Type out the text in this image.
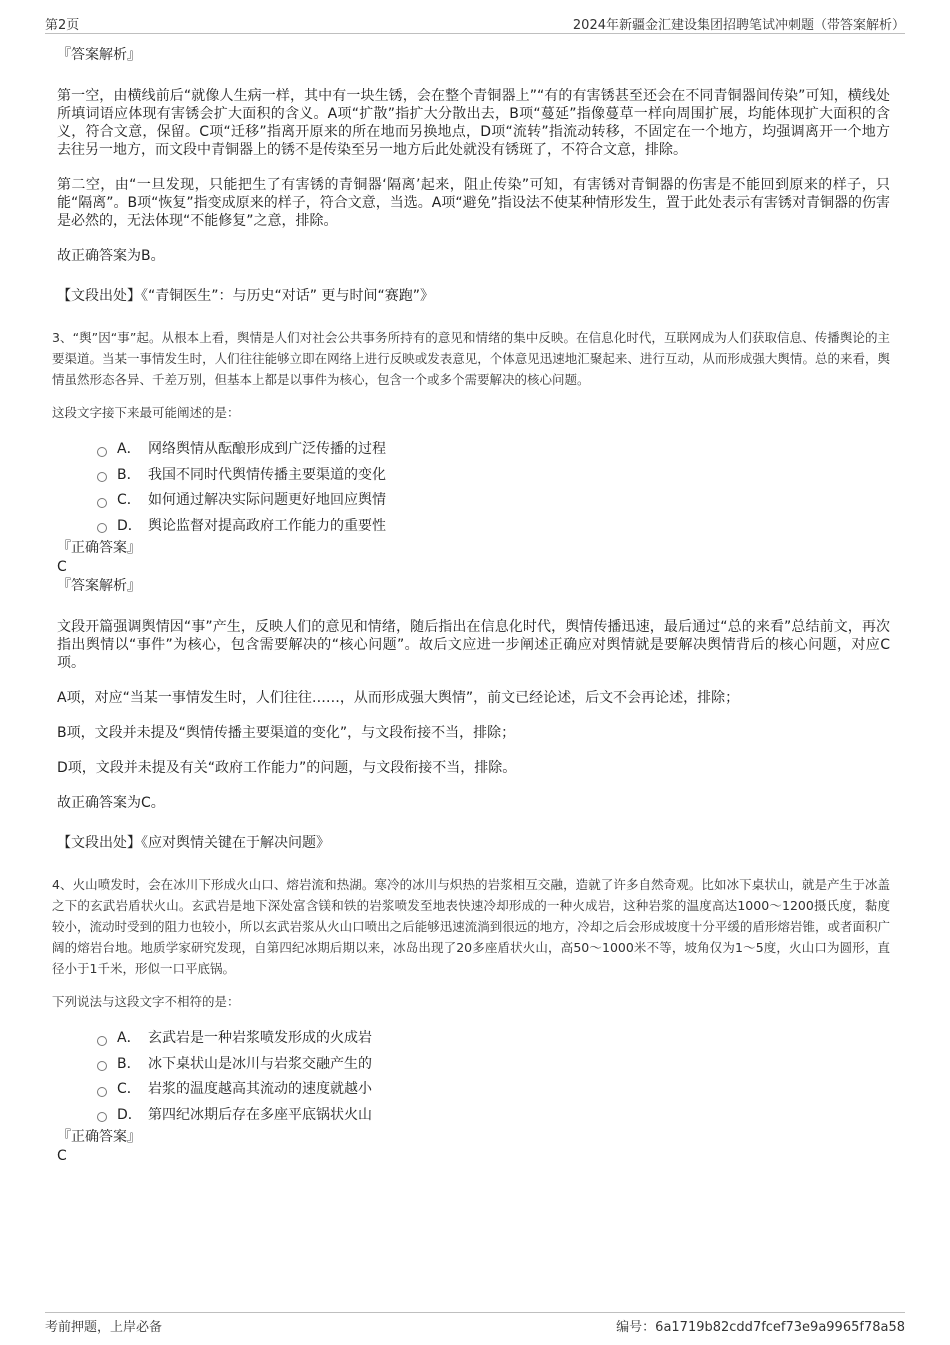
第2页	2024年新疆金汇建设集团招聘笔试冲刺题（带答案解析）

『答案解析』

第一空，由横线前后“就像人生病一样，其中有一块生锈，会在整个青铜器上”“有的有害锈甚至还会在不同青铜器间传染”可知，横线处所填词语应体现有害锈会扩大面积的含义。A项“扩散”指扩大分散出去，B项“蔓延”指像蔓草一样向周围扩展，均能体现扩大面积的含义，符合文意，保留。C项“迁移”指离开原来的所在地而另换地点，D项“流转”指流动转移，不固定在一个地方，均强调离开一个地方去往另一地方，而文段中青铜器上的锈不是传染至另一地方后此处就没有锈斑了，不符合文意，排除。

第二空，由“一旦发现，只能把生了有害锈的青铜器‘隔离’起来，阻止传染”可知，有害锈对青铜器的伤害是不能回到原来的样子，只能“隔离”。B项“恢复”指变成原来的样子，符合文意，当选。A项“避免”指设法不使某种情形发生，置于此处表示有害锈对青铜器的伤害是必然的，无法体现“不能修复”之意，排除。

故正确答案为B。

【文段出处】《“青铜医生”：与历史“对话” 更与时间“赛跑”》

3、“舆”因“事”起。从根本上看，舆情是人们对社会公共事务所持有的意见和情绪的集中反映。在信息化时代，互联网成为人们获取信息、传播舆论的主要渠道。当某一事情发生时，人们往往能够立即在网络上进行反映或发表意见，个体意见迅速地汇聚起来、进行互动，从而形成强大舆情。总的来看，舆情虽然形态各异、千差万别，但基本上都是以事件为核心，包含一个或多个需要解决的核心问题。

这段文字接下来最可能阐述的是：

A． 网络舆情从酝酿形成到广泛传播的过程
B． 我国不同时代舆情传播主要渠道的变化
C． 如何通过解决实际问题更好地回应舆情
D． 舆论监督对提高政府工作能力的重要性

『正确答案』

C

『答案解析』

文段开篇强调舆情因“事”产生，反映人们的意见和情绪，随后指出在信息化时代，舆情传播迅速，最后通过“总的来看”总结前文，再次指出舆情以“事件”为核心，包含需要解决的“核心问题”。故后文应进一步阐述正确应对舆情就是要解决舆情背后的核心问题，对应C项。

A项，对应“当某一事情发生时，人们往往……，从而形成强大舆情”，前文已经论述，后文不会再论述，排除；

B项，文段并未提及“舆情传播主要渠道的变化”，与文段衔接不当，排除；

D项，文段并未提及有关“政府工作能力”的问题，与文段衔接不当，排除。

故正确答案为C。

【文段出处】《应对舆情关键在于解决问题》

4、火山喷发时，会在冰川下形成火山口、熔岩流和热湖。寒冷的冰川与炽热的岩浆相互交融，造就了许多自然奇观。比如冰下桌状山，就是产生于冰盖之下的玄武岩盾状火山。玄武岩是地下深处富含镁和铁的岩浆喷发至地表快速冷却形成的一种火成岩，这种岩浆的温度高达1000～1200摄氏度，黏度较小，流动时受到的阻力也较小，所以玄武岩浆从火山口喷出之后能够迅速流淌到很远的地方，冷却之后会形成坡度十分平缓的盾形熔岩锥，或者面积广阔的熔岩台地。地质学家研究发现，自第四纪冰期后期以来，冰岛出现了20多座盾状火山，高50～1000米不等，坡角仅为1～5度，火山口为圆形，直径小于1千米，形似一口平底锅。

下列说法与这段文字不相符的是：

A． 玄武岩是一种岩浆喷发形成的火成岩
B． 冰下桌状山是冰川与岩浆交融产生的
C． 岩浆的温度越高其流动的速度就越小
D． 第四纪冰期后存在多座平底锅状火山

『正确答案』

C

考前押题，上岸必备	编号：6a1719b82cdd7fcef73e9a9965f78a58
